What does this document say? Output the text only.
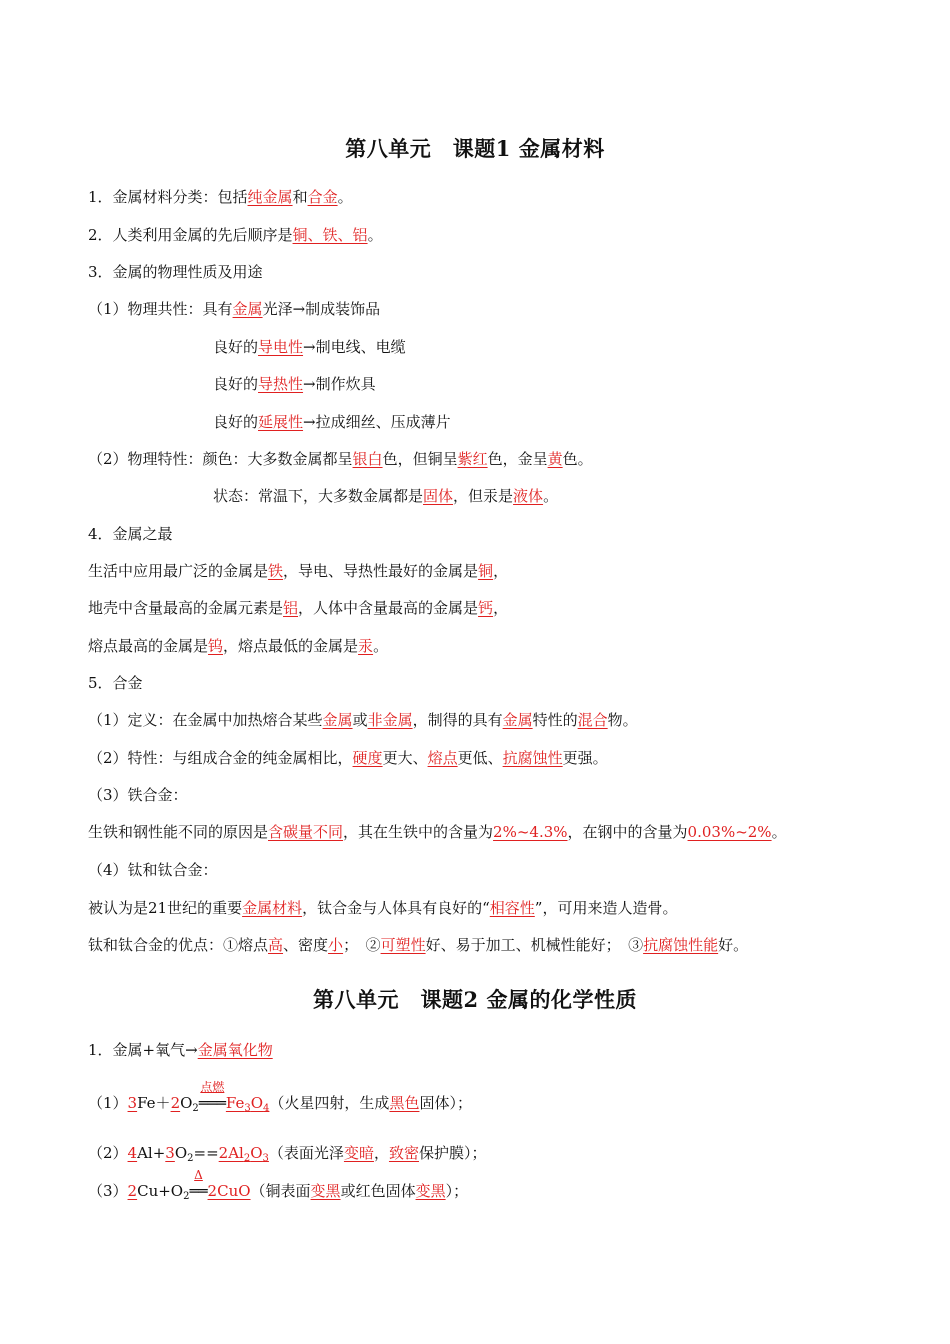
第八单元　课题1 金属材料
1．金属材料分类：包括纯金属和合金。
2．人类利用金属的先后顺序是铜、铁、铝。
3．金属的物理性质及用途
（1）物理共性：具有金属光泽→制成装饰品
良好的导电性→制电线、电缆
良好的导热性→制作炊具
良好的延展性→拉成细丝、压成薄片
（2）物理特性：颜色：大多数金属都呈银白色，但铜呈紫红色，金呈黄色。
状态：常温下，大多数金属都是固体，但汞是液体。
4．金属之最
生活中应用最广泛的金属是铁，导电、导热性最好的金属是铜，
地壳中含量最高的金属元素是铝，人体中含量最高的金属是钙，
熔点最高的金属是钨，熔点最低的金属是汞。
5．合金
（1）定义：在金属中加热熔合某些金属或非金属，制得的具有金属特性的混合物。
（2）特性：与组成合金的纯金属相比，硬度更大、熔点更低、抗腐蚀性更强。
（3）铁合金：
生铁和钢性能不同的原因是含碳量不同，其在生铁中的含量为2%~4.3%，在钢中的含量为0.03%~2%。
（4）钛和钛合金：
被认为是21世纪的重要金属材料，钛合金与人体具有良好的“相容性”，可用来造人造骨。
钛和钛合金的优点：①熔点高、密度小；　②可塑性好、易于加工、机械性能好；　③抗腐蚀性能好。
第八单元　课题2 金属的化学性质
1．金属+氧气→金属氧化物
$(1)3Fe+2O_2$
点燃
$═══Fe_3O_4$（火星四射，生成黑色固体）；
$(2)4Al+3O_2==2Al_2O_3$（表面光泽变暗，致密保护膜）；
$(3)2Cu+O_2$
Δ
══2CuO（铜表面变黑或红色固体变黑）；
